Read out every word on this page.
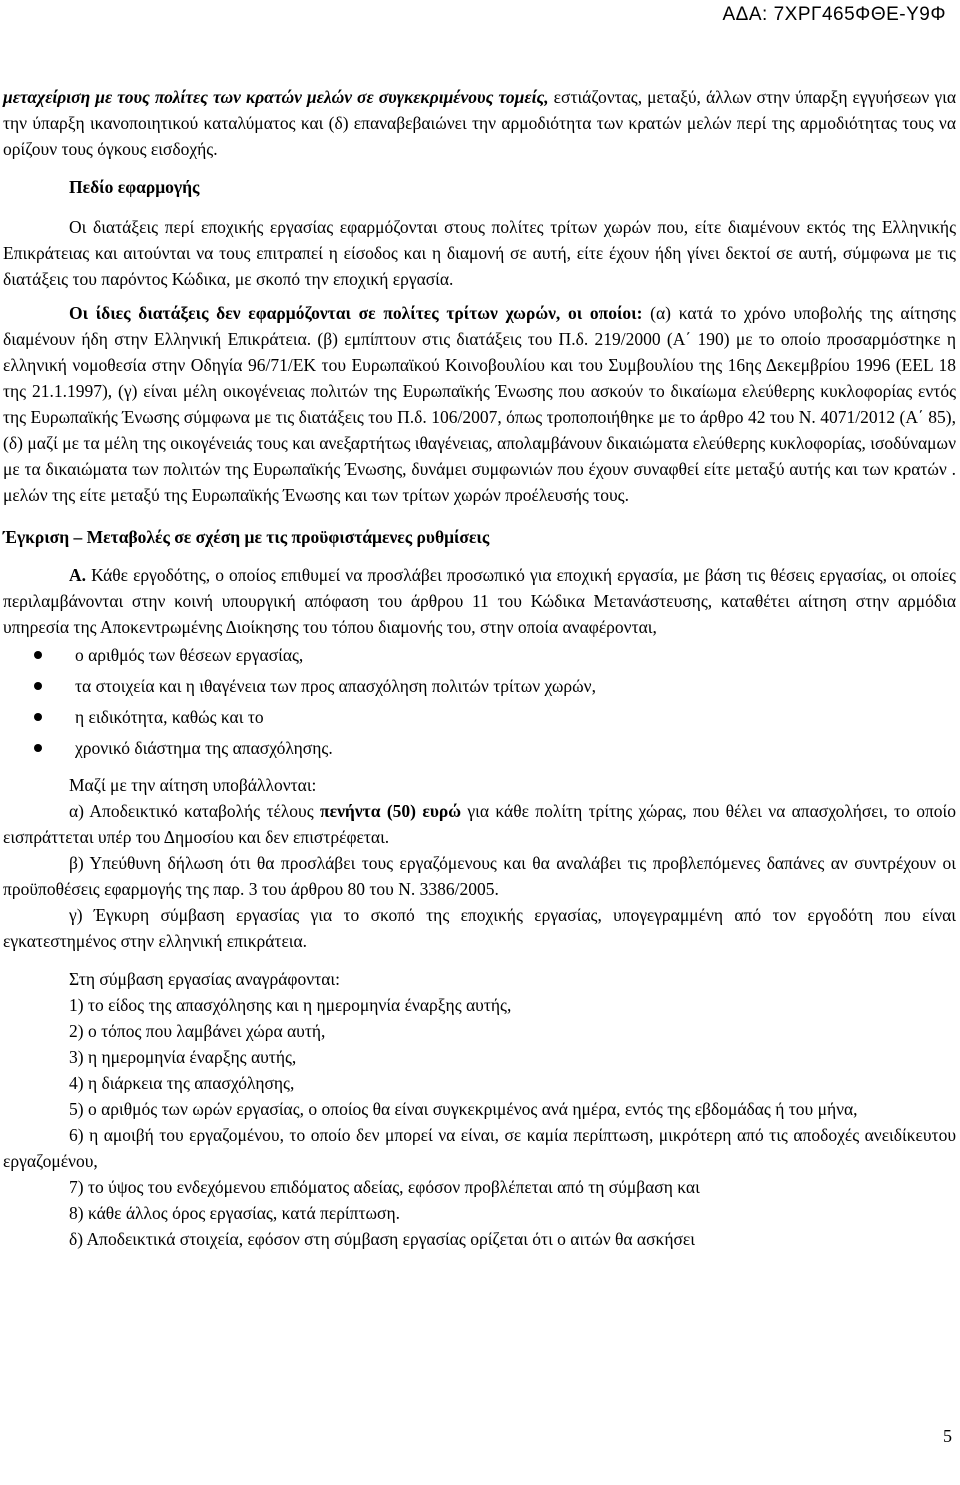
ΑΔΑ: 7ΧΡΓ465ΦΘΕ-Υ9Φ

μεταχείριση με τους πολίτες των κρατών μελών σε συγκεκριμένους τομείς, εστιάζοντας, μεταξύ, άλλων στην ύπαρξη εγγυήσεων για την ύπαρξη ικανοποιητικού καταλύματος και (δ) επαναβεβαιώνει την αρμοδιότητα των κρατών μελών περί της αρμοδιότητας τους να ορίζουν τους όγκους εισδοχής.

Πεδίο εφαρμογής

Οι διατάξεις περί εποχικής εργασίας εφαρμόζονται στους πολίτες τρίτων χωρών που, είτε διαμένουν εκτός της Ελληνικής Επικράτειας και αιτούνται να τους επιτραπεί η είσοδος και η διαμονή σε αυτή, είτε έχουν ήδη γίνει δεκτοί σε αυτή, σύμφωνα με τις διατάξεις του παρόντος Κώδικα, με σκοπό την εποχική εργασία.

Οι ίδιες διατάξεις δεν εφαρμόζονται σε πολίτες τρίτων χωρών, οι οποίοι: (α) κατά το χρόνο υποβολής της αίτησης διαμένουν ήδη στην Ελληνική Επικράτεια. (β) εμπίπτουν στις διατάξεις του Π.δ. 219/2000 (Α΄ 190) με το οποίο προσαρμόστηκε η ελληνική νομοθεσία στην Οδηγία 96/71/ΕΚ του Ευρωπαϊκού Κοινοβουλίου και του Συμβουλίου της 16ης Δεκεμβρίου 1996 (EEL 18 της 21.1.1997), (γ) είναι μέλη οικογένειας πολιτών της Ευρωπαϊκής Ένωσης που ασκούν το δικαίωμα ελεύθερης κυκλοφορίας εντός της Ευρωπαϊκής Ένωσης σύμφωνα με τις διατάξεις του Π.δ. 106/2007, όπως τροποποιήθηκε με το άρθρο 42 του Ν. 4071/2012 (Α΄ 85), (δ) μαζί με τα μέλη της οικογένειάς τους και ανεξαρτήτως ιθαγένειας, απολαμβάνουν δικαιώματα ελεύθερης κυκλοφορίας, ισοδύναμων με τα δικαιώματα των πολιτών της Ευρωπαϊκής Ένωσης, δυνάμει συμφωνιών που έχουν συναφθεί είτε μεταξύ αυτής και των κρατών . μελών της είτε μεταξύ της Ευρωπαϊκής Ένωσης και των τρίτων χωρών προέλευσής τους.

Έγκριση – Μεταβολές σε σχέση με τις προϋφιστάμενες ρυθμίσεις

Α. Κάθε εργοδότης, ο οποίος επιθυμεί να προσλάβει προσωπικό για εποχική εργασία, με βάση τις θέσεις εργασίας, οι οποίες περιλαμβάνονται στην κοινή υπουργική απόφαση του άρθρου 11 του Κώδικα Μετανάστευσης, καταθέτει αίτηση στην αρμόδια υπηρεσία της Αποκεντρωμένης Διοίκησης του τόπου διαμονής του, στην οποία αναφέρονται,

ο αριθμός των θέσεων εργασίας,
τα στοιχεία και η ιθαγένεια των προς απασχόληση πολιτών τρίτων χωρών,
η ειδικότητα, καθώς και το
χρονικό διάστημα της απασχόλησης.

Μαζί με την αίτηση υποβάλλονται:

α) Αποδεικτικό καταβολής τέλους πενήντα (50) ευρώ για κάθε πολίτη τρίτης χώρας, που θέλει να απασχολήσει, το οποίο εισπράττεται υπέρ του Δημοσίου και δεν επιστρέφεται.

β) Υπεύθυνη δήλωση ότι θα προσλάβει τους εργαζόμενους και θα αναλάβει τις προβλεπόμενες δαπάνες αν συντρέχουν οι προϋποθέσεις εφαρμογής της παρ. 3 του άρθρου 80 του Ν. 3386/2005.

γ) Έγκυρη σύμβαση εργασίας για το σκοπό της εποχικής εργασίας, υπογεγραμμένη από τον εργοδότη που είναι εγκατεστημένος στην ελληνική επικράτεια.

Στη σύμβαση εργασίας αναγράφονται:

1) το είδος της απασχόλησης και η ημερομηνία έναρξης αυτής,

2) ο τόπος που λαμβάνει χώρα αυτή,

3) η ημερομηνία έναρξης αυτής,

4) η διάρκεια της απασχόλησης,

5) ο αριθμός των ωρών εργασίας, ο οποίος θα είναι συγκεκριμένος ανά ημέρα, εντός της εβδομάδας ή του μήνα,

6) η αμοιβή του εργαζομένου, το οποίο δεν μπορεί να είναι, σε καμία περίπτωση, μικρότερη από τις αποδοχές ανειδίκευτου εργαζομένου,

7) το ύψος του ενδεχόμενου επιδόματος αδείας, εφόσον προβλέπεται από τη σύμβαση και

8) κάθε άλλος όρος εργασίας, κατά περίπτωση.

δ) Αποδεικτικά στοιχεία, εφόσον στη σύμβαση εργασίας ορίζεται ότι ο αιτών θα ασκήσει

5
